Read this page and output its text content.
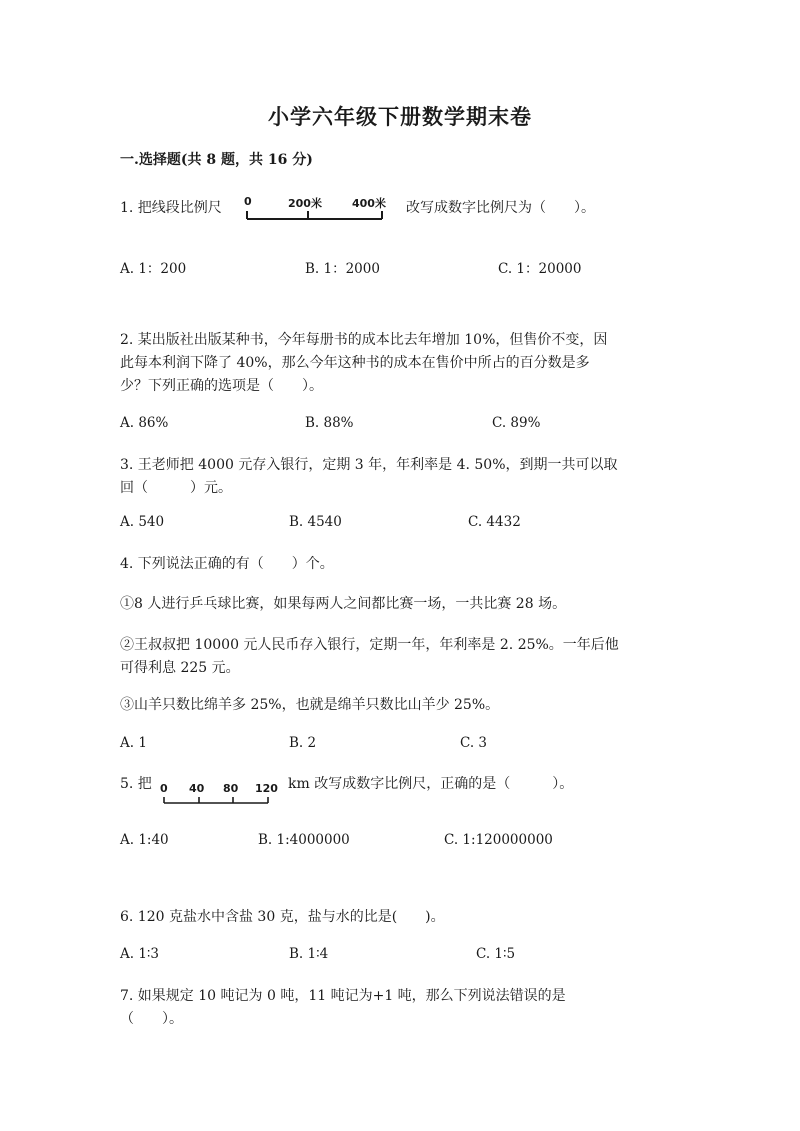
小学六年级下册数学期末卷
一.选择题(共 8 题，共 16 分)
1. 把线段比例尺 0	200米	400米 改写成数字比例尺为（　　）。
A. 1：200	B. 1：2000	C. 1：20000
2. 某出版社出版某种书，今年每册书的成本比去年增加 10%，但售价不变，因
此每本利润下降了 40%，那么今年这种书的成本在售价中所占的百分数是多
少？下列正确的选项是（　　）。
A. 86%	B. 88%	C. 89%
3. 王老师把 4000 元存入银行，定期 3 年，年利率是 4. 50%，到期一共可以取
回（　　　）元。
A. 540	B. 4540	C. 4432
4. 下列说法正确的有（　　）个。
①8 人进行乒乓球比赛，如果每两人之间都比赛一场，一共比赛 28 场。
②王叔叔把 10000 元人民币存入银行，定期一年，年利率是 2. 25%。一年后他
可得利息 225 元。
③山羊只数比绵羊多 25%，也就是绵羊只数比山羊少 25%。
A. 1	B. 2	C. 3
5. 把 0 40 80 120 km 改写成数字比例尺，正确的是（　　　）。
A. 1:40	B. 1:4000000	C. 1:120000000
6. 120 克盐水中含盐 30 克，盐与水的比是(　　)。
A. 1∶3	B. 1∶4	C. 1∶5
7. 如果规定 10 吨记为 0 吨，11 吨记为+1 吨，那么下列说法错误的是
（　　）。
